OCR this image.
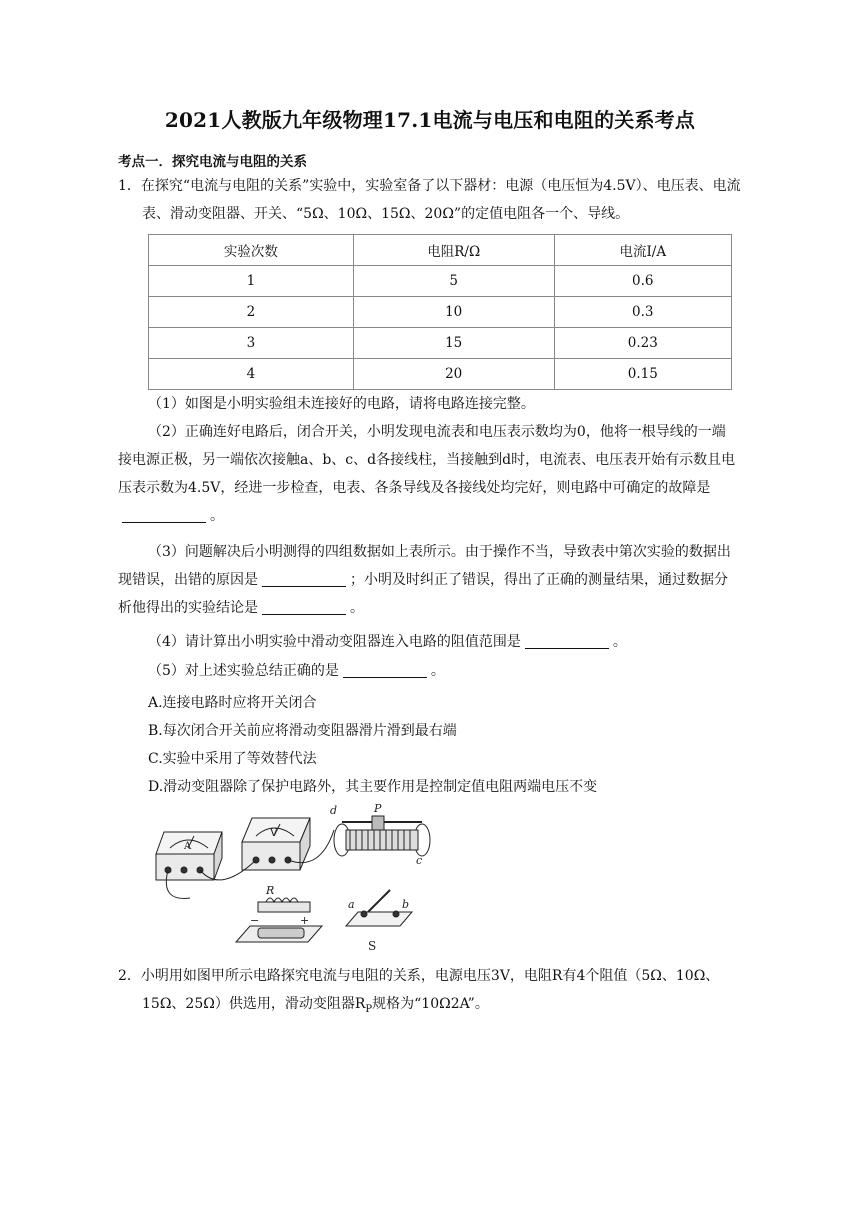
2021人教版九年级物理17.1电流与电压和电阻的关系考点
考点一．探究电流与电阻的关系
1．在探究“电流与电阻的关系”实验中，实验室备了以下器材：电源（电压恒为4.5V）、电压表、电流表、滑动变阻器、开关、“5Ω、10Ω、15Ω、20Ω”的定值电阻各一个、导线。
实验次数	电阻R/Ω	电流I/A
1	5	0.6
2	10	0.3
3	15	0.23
4	20	0.15
（1）如图是小明实验组未连接好的电路，请将电路连接完整。
（2）正确连好电路后，闭合开关，小明发现电流表和电压表示数均为0，他将一根导线的一端接电源正极，另一端依次接触a、b、c、d各接线柱，当接触到d时，电流表、电压表开始有示数且电压表示数为4.5V，经进一步检查，电表、各条导线及各接线处均完好，则电路中可确定的故障是。
（3）问题解决后小明测得的四组数据如上表所示。由于操作不当，导致表中第次实验的数据出现错误，出错的原因是	；小明及时纠正了错误，得出了正确的测量结果，通过数据分析他得出的实验结论是	。
（4）请计算出小明实验中滑动变阻器连入电路的阻值范围是	。
（5）对上述实验总结正确的是	。
A.连接电路时应将开关闭合
B.每次闭合开关前应将滑动变阻器滑片滑到最右端
C.实验中采用了等效替代法
D.滑动变阻器除了保护电路外，其主要作用是控制定值电阻两端电压不变
A
V
P
d
c
R
−	+
a	b
S
2．小明用如图甲所示电路探究电流与电阻的关系，电源电压3V，电阻R有4个阻值（5Ω、10Ω、15Ω、25Ω）供选用，滑动变阻器$R_P$规格为“10Ω2A”。
